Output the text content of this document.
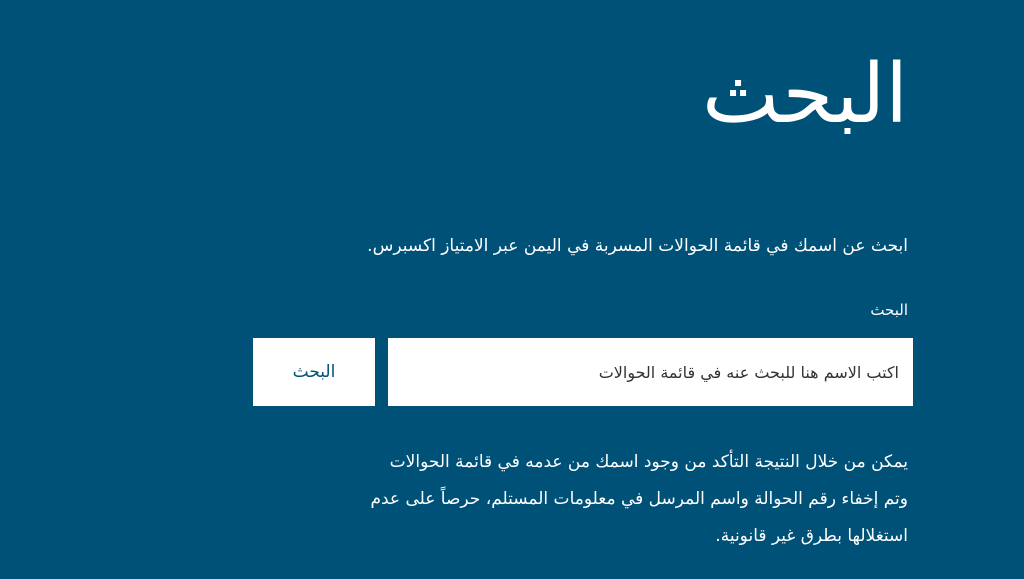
البحث

ابحث عن اسمك في قائمة الحوالات المسربة في اليمن عبر الامتياز اكسبرس.

البحث
اكتب الاسم هنا للبحث عنه في قائمة الحوالات
البحث

يمكن من خلال النتيجة التأكد من وجود اسمك من عدمه في قائمة الحوالات

وتم إخفاء رقم الحوالة واسم المرسل في معلومات المستلم، حرصاً على عدم

استغلالها بطرق غير قانونية.
